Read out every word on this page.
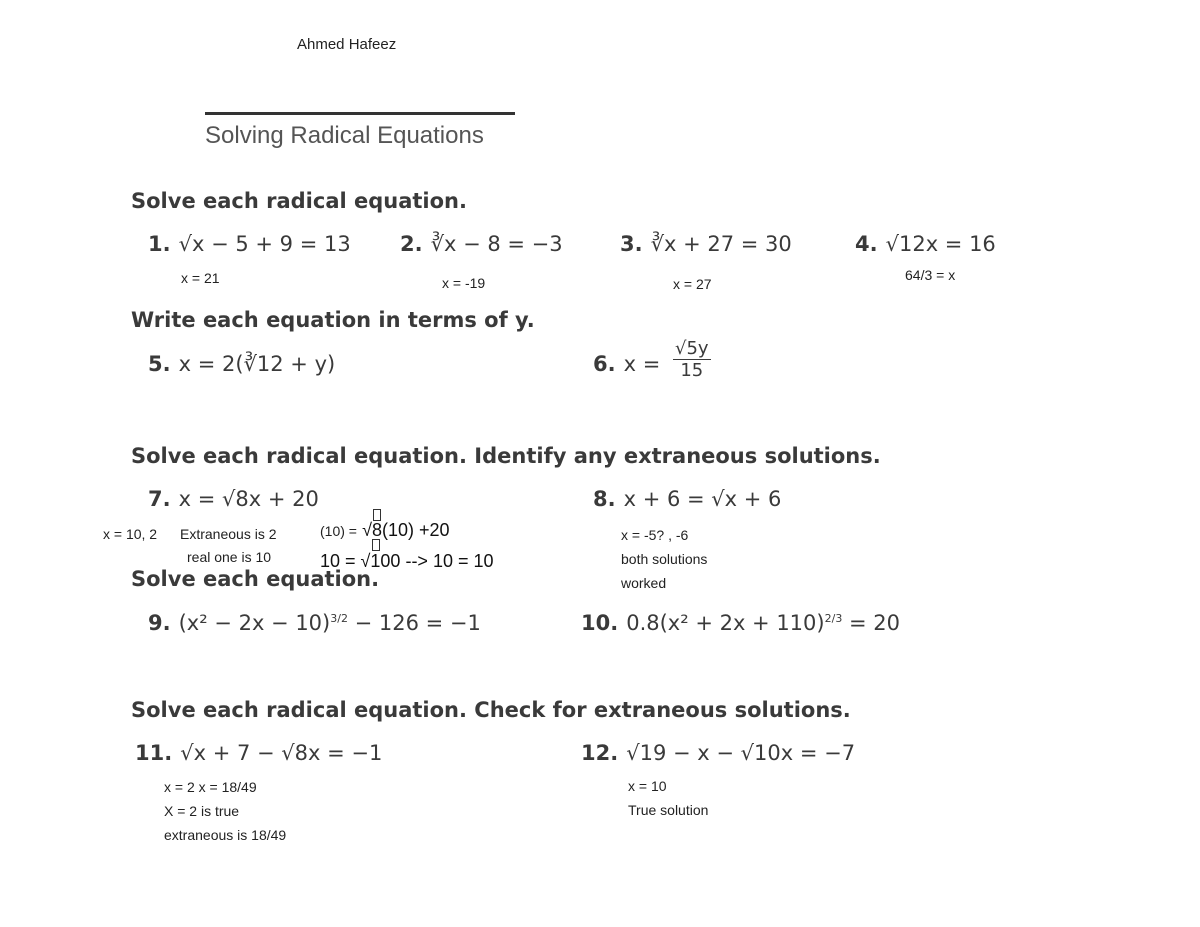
Ahmed Hafeez
Solving Radical Equations
Solve each radical equation.
1. √x − 5 + 9 = 13 2. ∛x − 8 = −3	3. ∛x + 27 = 30	4. √12x = 16
x = 21	x = -19	x = 27
64/3 = x
Write each equation in terms of y.
5. x = 2(∛12 + y)	6. $x = \frac{√5y}{15}$
Solve each radical equation. Identify any extraneous solutions.
7. x = √8x + 20	8. x + 6 = √x + 6
x = 10, 2 Extraneous is 2
real one is 10
(10) = √8(10) +20
10 = √100 --> 10 = 10
x = -5? , -6
both solutions
worked
Solve each equation.
9. $(x^2 - 2x - 10)^{3/2} - 126 = -1$	10. $0.8(x^2 + 2x + 110)^{2/3} = 20$
Solve each radical equation. Check for extraneous solutions.
11. √x + 7 − √8x = −1	12. √19 − x − √10x = −7
x = 2 x = 18/49
X = 2 is true
extraneous is 18/49
x = 10
True solution
